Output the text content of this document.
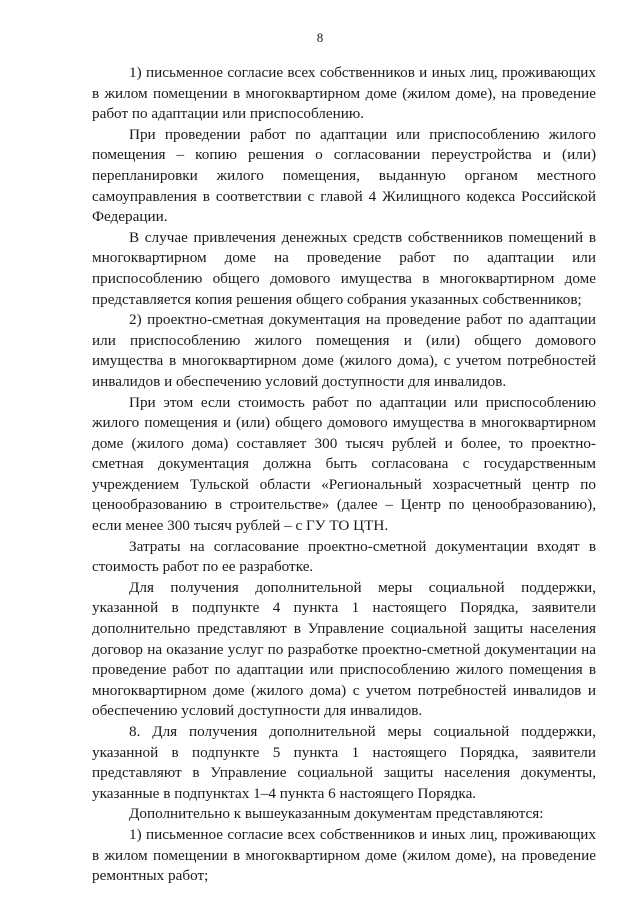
8

1) письменное согласие всех собственников и иных лиц, проживающих в жилом помещении в многоквартирном доме (жилом доме), на проведение работ по адаптации или приспособлению.

При проведении работ по адаптации или приспособлению жилого помещения – копию решения о согласовании переустройства и (или) перепланировки жилого помещения, выданную органом местного самоуправления в соответствии с главой 4 Жилищного кодекса Российской Федерации.

В случае привлечения денежных средств собственников помещений в многоквартирном доме на проведение работ по адаптации или приспособлению общего домового имущества в многоквартирном доме представляется копия решения общего собрания указанных собственников;

2) проектно-сметная документация на проведение работ по адаптации или приспособлению жилого помещения и (или) общего домового имущества в многоквартирном доме (жилого дома), с учетом потребностей инвалидов и обеспечению условий доступности для инвалидов.

При этом если стоимость работ по адаптации или приспособлению жилого помещения и (или) общего домового имущества в многоквартирном доме (жилого дома) составляет 300 тысяч рублей и более, то проектно-сметная документация должна быть согласована с государственным учреждением Тульской области «Региональный хозрасчетный центр по ценообразованию в строительстве» (далее – Центр по ценообразованию), если менее 300 тысяч рублей – с ГУ ТО ЦТН.

Затраты на согласование проектно-сметной документации входят в стоимость работ по ее разработке.

Для получения дополнительной меры социальной поддержки, указанной в подпункте 4 пункта 1 настоящего Порядка, заявители дополнительно представляют в Управление социальной защиты населения договор на оказание услуг по разработке проектно-сметной документации на проведение работ по адаптации или приспособлению жилого помещения в многоквартирном доме (жилого дома) с учетом потребностей инвалидов и обеспечению условий доступности для инвалидов.

8. Для получения дополнительной меры социальной поддержки, указанной в подпункте 5 пункта 1 настоящего Порядка, заявители представляют в Управление социальной защиты населения документы, указанные в подпунктах 1–4 пункта 6 настоящего Порядка.

Дополнительно к вышеуказанным документам представляются:

1) письменное согласие всех собственников и иных лиц, проживающих в жилом помещении в многоквартирном доме (жилом доме), на проведение ремонтных работ;
